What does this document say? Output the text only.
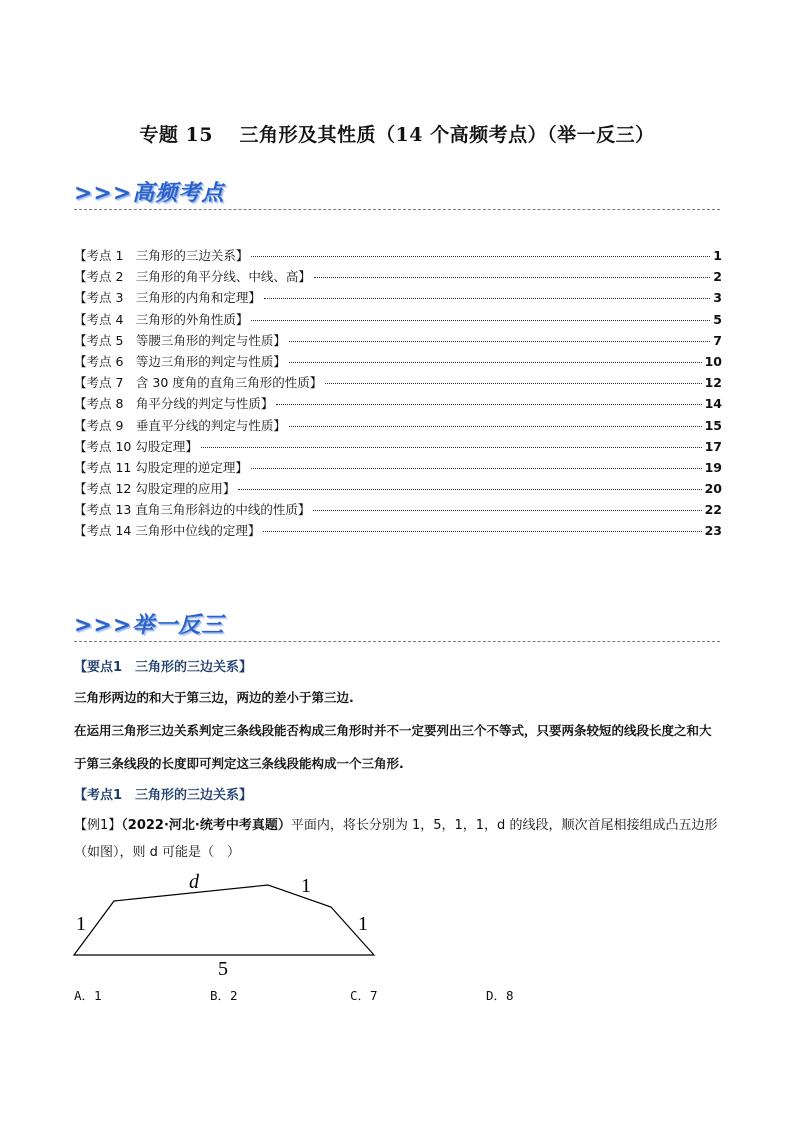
专题 15　 三角形及其性质（14 个高频考点）（举一反三）
>>>高频考点
【考点 1　三角形的三边关系】	1
【考点 2　三角形的角平分线、中线、高】	2
【考点 3　三角形的内角和定理】	3
【考点 4　三角形的外角性质】	5
【考点 5　等腰三角形的判定与性质】	7
【考点 6　等边三角形的判定与性质】	10
【考点 7　含 30 度角的直角三角形的性质】	12
【考点 8　角平分线的判定与性质】	14
【考点 9　垂直平分线的判定与性质】	15
【考点 10 勾股定理】	17
【考点 11 勾股定理的逆定理】	19
【考点 12 勾股定理的应用】	20
【考点 13 直角三角形斜边的中线的性质】	22
【考点 14 三角形中位线的定理】	23
>>>举一反三
【要点1　三角形的三边关系】
三角形两边的和大于第三边，两边的差小于第三边.
在运用三角形三边关系判定三条线段能否构成三角形时并不一定要列出三个不等式，只要两条较短的线段长度之和大于第三条线段的长度即可判定这三条线段能构成一个三角形.
【考点1　三角形的三边关系】
【例1】（2022·河北·统考中考真题）平面内，将长分别为 1，5，1，1，d 的线段，顺次首尾相接组成凸五边形（如图），则 d 可能是（　）
d	1
1	1
5
A．1	B．2	C．7	D．8
